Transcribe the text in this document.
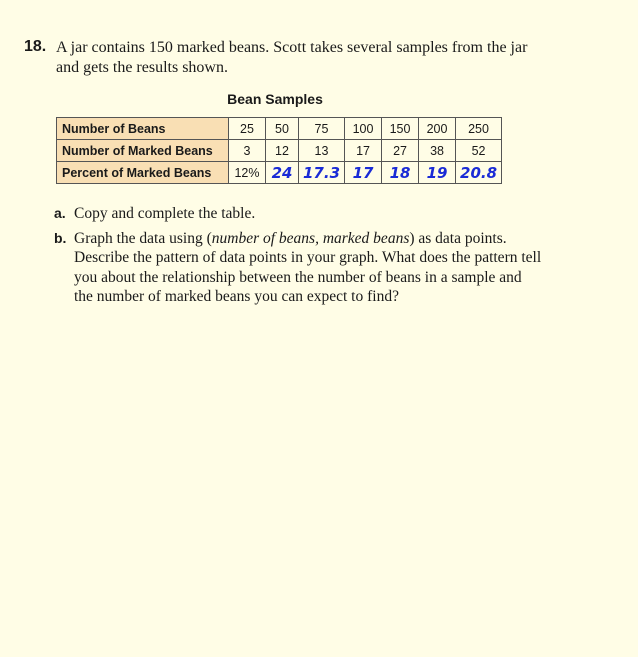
18. A jar contains 150 marked beans. Scott takes several samples from the jar and gets the results shown.
Bean Samples
Number of Beans	25	50	75	100	150	200	250
Number of Marked Beans	3	12	13	17	27	38	52
Percent of Marked Beans	12%	24	17.3	17	18	19	20.8
a. Copy and complete the table.
b. Graph the data using (number of beans, marked beans) as data points. Describe the pattern of data points in your graph. What does the pattern tell you about the relationship between the number of beans in a sample and the number of marked beans you can expect to find?
